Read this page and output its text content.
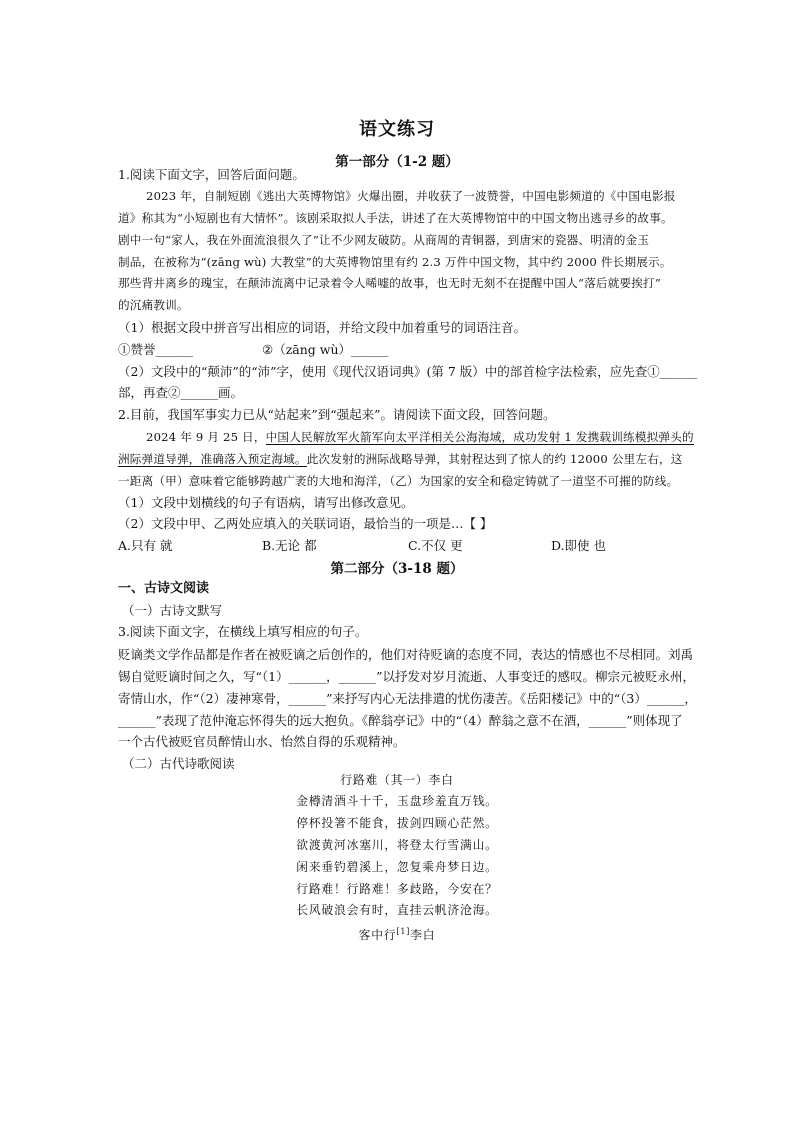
语文练习
第一部分（1-2 题）
1.阅读下面文字，回答后面问题。
2023 年，自制短剧《逃出大英博物馆》火爆出圈，并收获了一波赞誉，中国电影频道的《中国电影报
道》称其为“小短剧也有大情怀”。该剧采取拟人手法，讲述了在大英博物馆中的中国文物出逃寻乡的故事。
剧中一句“家人，我在外面流浪很久了”让不少网友破防。从商周的青铜器，到唐宋的瓷器、明清的金玉
制品，在被称为“(zāng wù) 大教堂”的大英博物馆里有约 2.3 万件中国文物，其中约 2000 件长期展示。
那些背井离乡的瑰宝，在颠沛流离中记录着令人唏嘘的故事，也无时无刻不在提醒中国人“落后就要挨打”
的沉痛教训。
（1）根据文段中拼音写出相应的词语，并给文段中加着重号的词语注音。
①赞誉______	②（zāng wù）______
（2）文段中的“颠沛”的“沛”字，使用《现代汉语词典》(第 7 版）中的部首检字法检索，应先查①______
部，再查②______画。
2.目前，我国军事实力已从“站起来”到“强起来”。请阅读下面文段，回答问题。
2024 年 9 月 25 日，中国人民解放军火箭军向太平洋相关公海海域，成功发射 1 发携载训练模拟弹头的
洲际弹道导弹，准确落入预定海域。此次发射的洲际战略导弹，其射程达到了惊人的约 12000 公里左右，这
一距离（甲）意味着它能够跨越广袤的大地和海洋，（乙）为国家的安全和稳定铸就了一道坚不可摧的防线。
（1）文段中划横线的句子有语病，请写出修改意见。
（2）文段中甲、乙两处应填入的关联词语，最恰当的一项是…【 】
A.只有 就	B.无论 都	C.不仅 更	D.即使 也
第二部分（3-18 题）
一、古诗文阅读
（一）古诗文默写
3.阅读下面文字，在横线上填写相应的句子。
贬谪类文学作品都是作者在被贬谪之后创作的，他们对待贬谪的态度不同，表达的情感也不尽相同。刘禹
锡自觉贬谪时间之久，写“（1）______，______”以抒发对岁月流逝、人事变迁的感叹。柳宗元被贬永州，
寄情山水，作“（2）凄神寒骨，______”来抒写内心无法排遣的忧伤凄苦。《岳阳楼记》中的“（3）______，
______”表现了范仲淹忘怀得失的远大抱负。《醉翁亭记》中的“（4）醉翁之意不在酒，______”则体现了
一个古代被贬官员醉情山水、怡然自得的乐观精神。
（二）古代诗歌阅读
行路难（其一）李白
金樽清酒斗十千，玉盘珍羞直万钱。
停杯投箸不能食，拔剑四顾心茫然。
欲渡黄河冰塞川，将登太行雪满山。
闲来垂钓碧溪上，忽复乘舟梦日边。
行路难！行路难！多歧路，今安在？
长风破浪会有时，直挂云帆济沧海。
客中行[1]李白
